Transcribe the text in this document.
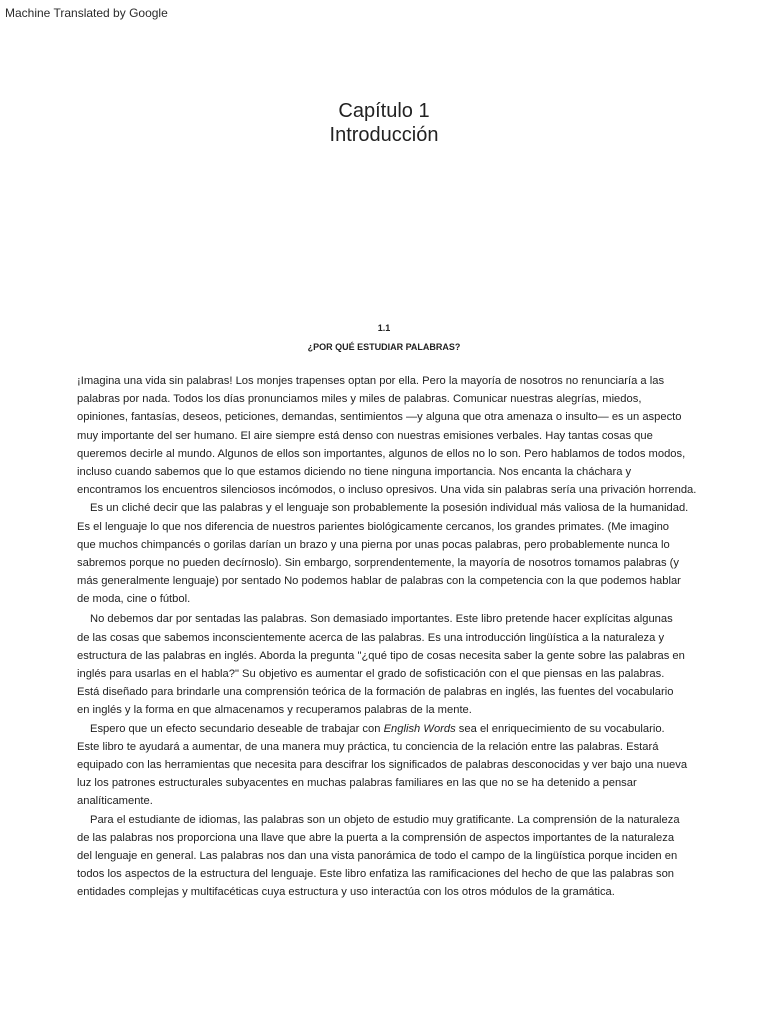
Machine Translated by Google
Capítulo 1
Introducción
1.1
¿POR QUÉ ESTUDIAR PALABRAS?
¡Imagina una vida sin palabras! Los monjes trapenses optan por ella. Pero la mayoría de nosotros no renunciaría a las
palabras por nada. Todos los días pronunciamos miles y miles de palabras. Comunicar nuestras alegrías, miedos,
opiniones, fantasías, deseos, peticiones, demandas, sentimientos —y alguna que otra amenaza o insulto— es un aspecto
muy importante del ser humano. El aire siempre está denso con nuestras emisiones verbales. Hay tantas cosas que
queremos decirle al mundo. Algunos de ellos son importantes, algunos de ellos no lo son. Pero hablamos de todos modos,
incluso cuando sabemos que lo que estamos diciendo no tiene ninguna importancia. Nos encanta la cháchara y
encontramos los encuentros silenciosos incómodos, o incluso opresivos. Una vida sin palabras sería una privación horrenda.
Es un cliché decir que las palabras y el lenguaje son probablemente la posesión individual más valiosa de la humanidad.
Es el lenguaje lo que nos diferencia de nuestros parientes biológicamente cercanos, los grandes primates. (Me imagino
que muchos chimpancés o gorilas darían un brazo y una pierna por unas pocas palabras, pero probablemente nunca lo
sabremos porque no pueden decírnoslo). Sin embargo, sorprendentemente, la mayoría de nosotros tomamos palabras (y
más generalmente lenguaje) por sentado No podemos hablar de palabras con la competencia con la que podemos hablar
de moda, cine o fútbol.
No debemos dar por sentadas las palabras. Son demasiado importantes. Este libro pretende hacer explícitas algunas
de las cosas que sabemos inconscientemente acerca de las palabras. Es una introducción lingüística a la naturaleza y
estructura de las palabras en inglés. Aborda la pregunta "¿qué tipo de cosas necesita saber la gente sobre las palabras en
inglés para usarlas en el habla?" Su objetivo es aumentar el grado de sofisticación con el que piensas en las palabras.
Está diseñado para brindarle una comprensión teórica de la formación de palabras en inglés, las fuentes del vocabulario
en inglés y la forma en que almacenamos y recuperamos palabras de la mente.
Espero que un efecto secundario deseable de trabajar con English Words sea el enriquecimiento de su vocabulario.
Este libro te ayudará a aumentar, de una manera muy práctica, tu conciencia de la relación entre las palabras. Estará
equipado con las herramientas que necesita para descifrar los significados de palabras desconocidas y ver bajo una nueva
luz los patrones estructurales subyacentes en muchas palabras familiares en las que no se ha detenido a pensar
analíticamente.
Para el estudiante de idiomas, las palabras son un objeto de estudio muy gratificante. La comprensión de la naturaleza
de las palabras nos proporciona una llave que abre la puerta a la comprensión de aspectos importantes de la naturaleza
del lenguaje en general. Las palabras nos dan una vista panorámica de todo el campo de la lingüística porque inciden en
todos los aspectos de la estructura del lenguaje. Este libro enfatiza las ramificaciones del hecho de que las palabras son
entidades complejas y multifacéticas cuya estructura y uso interactúa con los otros módulos de la gramática.
